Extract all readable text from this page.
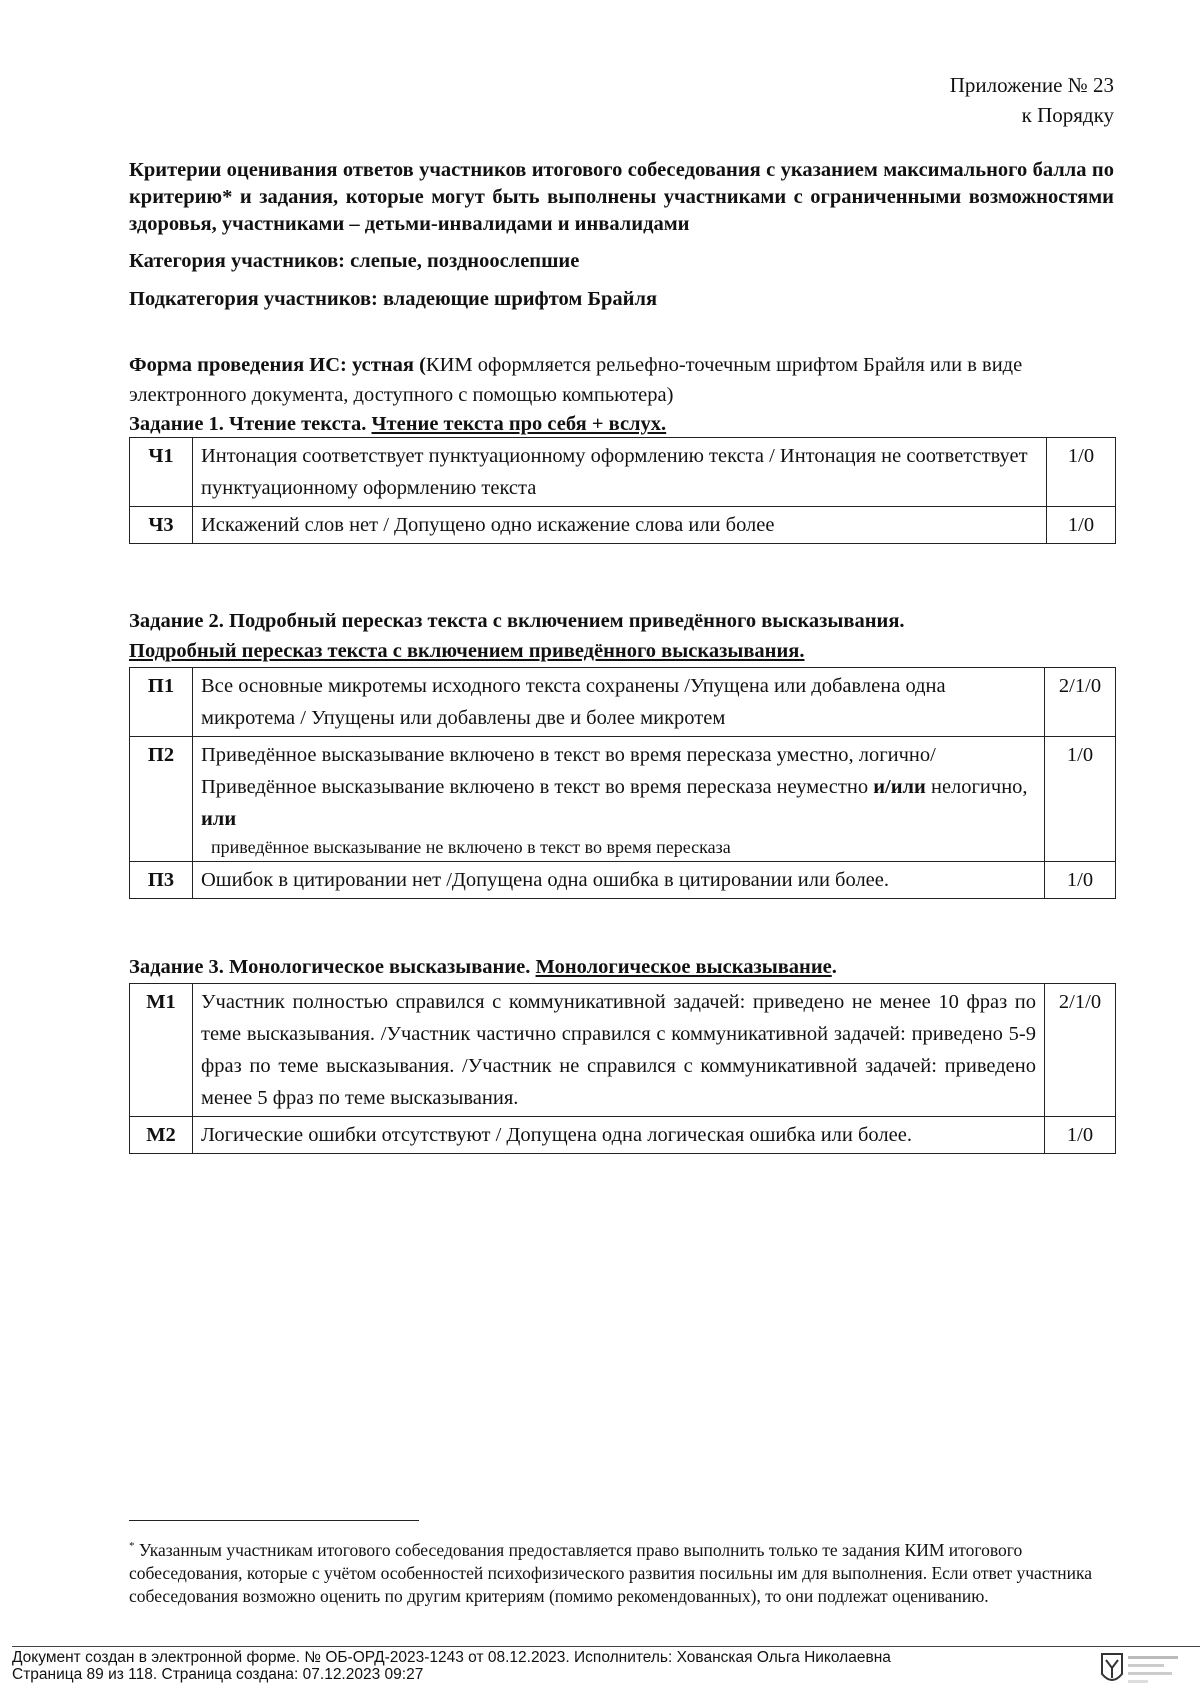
Приложение № 23
к Порядку
Критерии оценивания ответов участников итогового собеседования с указанием максимального балла по критерию* и задания, которые могут быть выполнены участниками с ограниченными возможностями здоровья, участниками – детьми-инвалидами и инвалидами
Категория участников: слепые, позднооcлепшие
Подкатегория участников: владеющие шрифтом Брайля
Форма проведения ИС: устная (КИМ оформляется рельефно-точечным шрифтом Брайля или в виде электронного документа, доступного с помощью компьютера)
Задание 1. Чтение текста. Чтение текста про себя + вслух.
Ч1	Интонация соответствует пунктуационному оформлению текста / Интонация не соответствует пунктуационному оформлению текста	1/0
Ч3	Искажений слов нет / Допущено одно искажение слова или более	1/0
Задание 2. Подробный пересказ текста с включением приведённого высказывания.
Подробный пересказ текста с включением приведённого высказывания.
П1	Все основные микротемы исходного текста сохранены /Упущена или добавлена одна микротема / Упущены или добавлены две и более микротем	2/1/0
П2	Приведённое высказывание включено в текст во время пересказа уместно, логично/ Приведённое высказывание включено в текст во время пересказа неуместно и/или нелогично,
или
приведённое высказывание не включено в текст во время пересказа	1/0
П3	Ошибок в цитировании нет /Допущена одна ошибка в цитировании или более.	1/0
Задание 3. Монологическое высказывание. Монологическое высказывание.
М1	Участник полностью справился с коммуникативной задачей: приведено не менее 10 фраз по теме высказывания. /Участник частично справился с коммуникативной задачей: приведено 5-9 фраз по теме высказывания. /Участник не справился с коммуникативной задачей: приведено менее 5 фраз по теме высказывания.	2/1/0
М2	Логические ошибки отсутствуют / Допущена одна логическая ошибка или более.	1/0
* Указанным участникам итогового собеседования предоставляется право выполнить только те задания КИМ итогового собеседования, которые с учётом особенностей психофизического развития посильны им для выполнения. Если ответ участника собеседования возможно оценить по другим критериям (помимо рекомендованных), то они подлежат оцениванию.
Документ создан в электронной форме. № ОБ-ОРД-2023-1243 от 08.12.2023. Исполнитель: Хованская Ольга Николаевна
Страница 89 из 118. Страница создана: 07.12.2023 09:27
